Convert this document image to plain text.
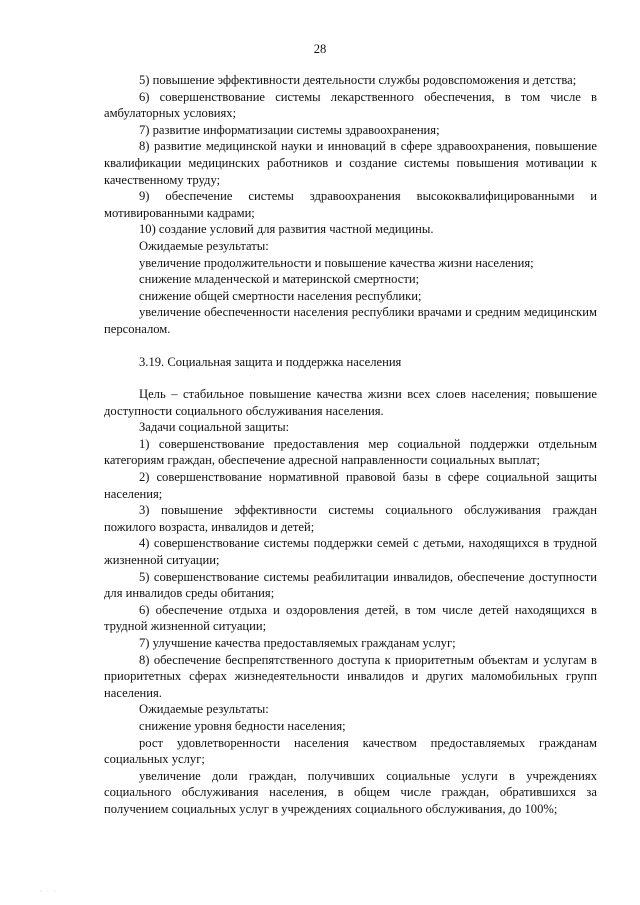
28

5) повышение эффективности деятельности службы родовспоможения и детства;

6) совершенствование системы лекарственного обеспечения, в том числе в амбулаторных условиях;

7) развитие информатизации системы здравоохранения;

8) развитие медицинской науки и инноваций в сфере здравоохранения, повышение квалификации медицинских работников и создание системы повышения мотивации к качественному труду;

9) обеспечение системы здравоохранения высококвалифицированными и мотивированными кадрами;

10) создание условий для развития частной медицины.

Ожидаемые результаты:

увеличение продолжительности и повышение качества жизни населения;

снижение младенческой и материнской смертности;

снижение общей смертности населения республики;

увеличение обеспеченности населения республики врачами и средним медицинским персоналом.

3.19. Социальная защита и поддержка населения

Цель – стабильное повышение качества жизни всех слоев населения; повышение доступности социального обслуживания населения.

Задачи социальной защиты:

1) совершенствование предоставления мер социальной поддержки отдельным категориям граждан, обеспечение адресной направленности социальных выплат;

2) совершенствование нормативной правовой базы в сфере социальной защиты населения;

3) повышение эффективности системы социального обслуживания граждан пожилого возраста, инвалидов и детей;

4) совершенствование системы поддержки семей с детьми, находящихся в трудной жизненной ситуации;

5) совершенствование системы реабилитации инвалидов, обеспечение доступности для инвалидов среды обитания;

6) обеспечение отдыха и оздоровления детей, в том числе детей находящихся в трудной жизненной ситуации;

7) улучшение качества предоставляемых гражданам услуг;

8) обеспечение беспрепятственного доступа к приоритетным объектам и услугам в приоритетных сферах жизнедеятельности инвалидов и других маломобильных групп населения.

Ожидаемые результаты:

снижение уровня бедности населения;

рост удовлетворенности населения качеством предоставляемых гражданам социальных услуг;

увеличение доли граждан, получивших социальные услуги в учреждениях социального обслуживания населения, в общем числе граждан, обратившихся за получением социальных услуг в учреждениях социального обслуживания, до 100%;

· · ·
